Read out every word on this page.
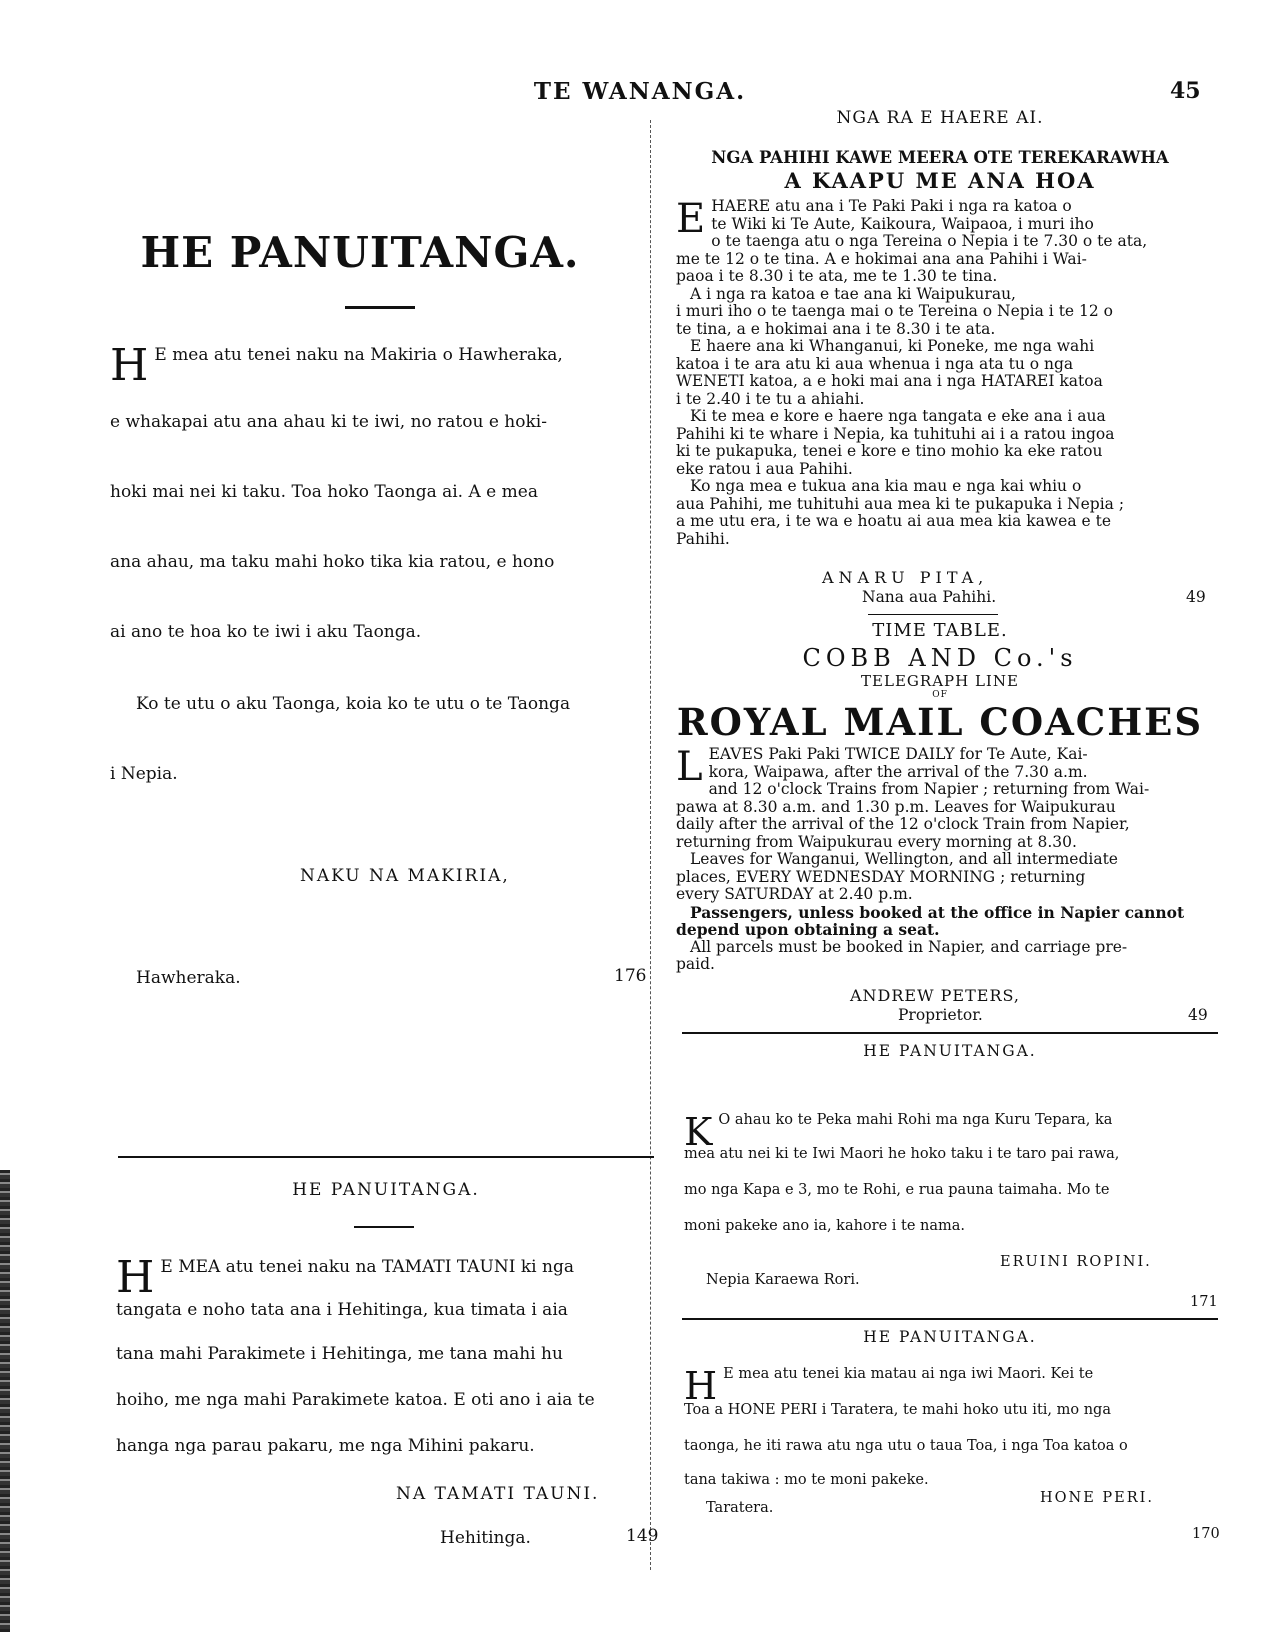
TE WANANGA.	45
HE PANUITANGA.
H E mea atu tenei naku na Makiria o Hawheraka,
e whakapai atu ana ahau ki te iwi, no ratou e hoki-
hoki mai nei ki taku. Toa hoko Taonga ai. A e mea
ana ahau, ma taku mahi hoko tika kia ratou, e hono
ai ano te hoa ko te iwi i aku Taonga.
Ko te utu o aku Taonga, koia ko te utu o te Taonga
i Nepia.
NAKU NA MAKIRIA,
Hawheraka.	176
HE PANUITANGA.
H E MEA atu tenei naku na TAMATI TAUNI ki nga
tangata e noho tata ana i Hehitinga, kua timata i aia
tana mahi Parakimete i Hehitinga, me tana mahi hu
hoiho, me nga mahi Parakimete katoa. E oti ano i aia te
hanga nga parau pakaru, me nga Mihini pakaru.
NA TAMATI TAUNI.
Hehitinga.	149
NGA RA E HAERE AI.
NGA PAHIHI KAWE MEERA OTE TEREKARAWHA
A KAAPU ME ANA HOA
E HAERE atu ana i Te Paki Paki i nga ra katoa o
te Wiki ki Te Aute, Kaikoura, Waipaoa, i muri iho
o te taenga atu o nga Tereina o Nepia i te 7.30 o te ata,
me te 12 o te tina. A e hokimai ana ana Pahihi i Wai-
paoa i te 8.30 i te ata, me te 1.30 te tina.
A i nga ra katoa e tae ana ki Waipukurau,
i muri iho o te taenga mai o te Tereina o Nepia i te 12 o
te tina, a e hokimai ana i te 8.30 i te ata.
E haere ana ki Whanganui, ki Poneke, me nga wahi
katoa i te ara atu ki aua whenua i nga ata tu o nga
WENETI katoa, a e hoki mai ana i nga HATAREI katoa
i te 2.40 i te tu a ahiahi.
Ki te mea e kore e haere nga tangata e eke ana i aua
Pahihi ki te whare i Nepia, ka tuhituhi ai i a ratou ingoa
ki te pukapuka, tenei e kore e tino mohio ka eke ratou
eke ratou i aua Pahihi.
Ko nga mea e tukua ana kia mau e nga kai whiu o
aua Pahihi, me tuhituhi aua mea ki te pukapuka i Nepia ;
a me utu era, i te wa e hoatu ai aua mea kia kawea e te
Pahihi.
ANARU PITA,
Nana aua Pahihi.	49
TIME TABLE.
COBB AND Co.'s
TELEGRAPH LINE
OF
ROYAL MAIL COACHES
L EAVES Paki Paki TWICE DAILY for Te Aute, Kai-
kora, Waipawa, after the arrival of the 7.30 a.m.
and 12 o'clock Trains from Napier ; returning from Wai-
pawa at 8.30 a.m. and 1.30 p.m. Leaves for Waipukurau
daily after the arrival of the 12 o'clock Train from Napier,
returning from Waipukurau every morning at 8.30.
Leaves for Wanganui, Wellington, and all intermediate
places, EVERY WEDNESDAY MORNING ; returning
every SATURDAY at 2.40 p.m.
Passengers, unless booked at the office in Napier cannot
depend upon obtaining a seat.
All parcels must be booked in Napier, and carriage pre-
paid.
ANDREW PETERS,
Proprietor.	49
HE PANUITANGA.
K O ahau ko te Peka mahi Rohi ma nga Kuru Tepara, ka
mea atu nei ki te Iwi Maori he hoko taku i te taro pai rawa,
mo nga Kapa e 3, mo te Rohi, e rua pauna taimaha. Mo te
moni pakeke ano ia, kahore i te nama.
ERUINI ROPINI.
Nepia Karaewa Rori.
171
HE PANUITANGA.
H E mea atu tenei kia matau ai nga iwi Maori. Kei te
Toa a HONE PERI i Taratera, te mahi hoko utu iti, mo nga
taonga, he iti rawa atu nga utu o taua Toa, i nga Toa katoa o
tana takiwa : mo te moni pakeke.
HONE PERI.
Taratera.
170
